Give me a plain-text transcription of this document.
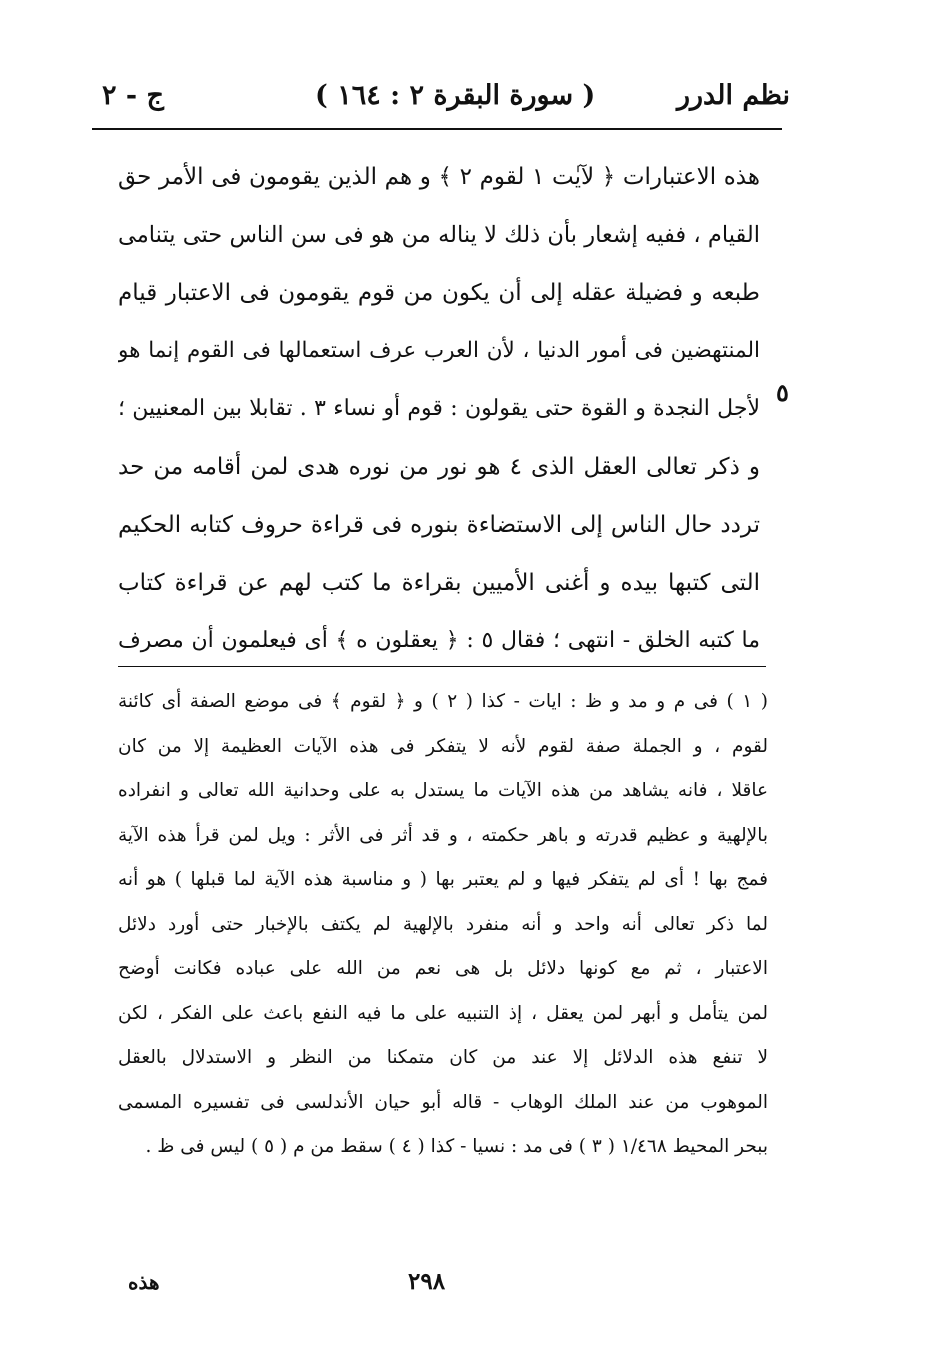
نظم الدرر
( سورة البقرة ٢ : ١٦٤ )
ج - ٢
٥
هذه الاعتبارات ﴿ لآيٰت ١ لقوم ٢ ﴾ و هم الذين يقومون فى الأمر حق
القيام ، ففيه إشعار بأن ذلك لا يناله من هو فى سن الناس حتى يتنامى
طبعه و فضيلة عقله إلى أن يكون من قوم يقومون فى الاعتبار قيام
المنتهضين فى أمور الدنيا ، لأن العرب عرف استعمالها فى القوم إنما هو
لأجل النجدة و القوة حتى يقولون : قوم أو نساء ٣ . تقابلا بين المعنيين ؛
و ذكر تعالى العقل الذى ٤ هو نور من نوره هدى لمن أقامه من حد
تردد حال الناس إلى الاستضاءة بنوره فى قراءة حروف كتابه الحكيم
التى كتبها بيده و أغنى الأميين بقراءة ما كتب لهم عن قراءة كتاب
ما كتبه الخلق - انتهى ؛ فقال ٥ : ﴿ يعقلون ه ﴾ أى فيعلمون أن مصرف
( ١ ) فى م و مد و ظ : ايات - كذا ( ٢ ) و ﴿ لقوم ﴾ فى موضع الصفة أى كائنة
لقوم ، و الجملة صفة لقوم لأنه لا يتفكر فى هذه الآيات العظيمة إلا من كان
عاقلا ، فانه يشاهد من هذه الآيات ما يستدل به على وحدانية الله تعالى و انفراده
بالإلهية و عظيم قدرته و باهر حكمته ، و قد أثر فى الأثر : ويل لمن قرأ هذه الآية
فمج بها ! أى لم يتفكر فيها و لم يعتبر بها ( و مناسبة هذه الآية لما قبلها ) هو أنه
لما ذكر تعالى أنه واحد و أنه منفرد بالإلهية لم يكتف بالإخبار حتى أورد دلائل
الاعتبار ، ثم مع كونها دلائل بل هى نعم من الله على عباده فكانت أوضح
لمن يتأمل و أبهر لمن يعقل ، إذ التنبيه على ما فيه النفع باعث على الفكر ، لكن
لا تنفع هذه الدلائل إلا عند من كان متمكنا من النظر و الاستدلال بالعقل
الموهوب من عند الملك الوهاب - قاله أبو حيان الأندلسى فى تفسيره المسمى
ببحر المحيط ١/٤٦٨ ( ٣ ) فى مد : نسيا - كذا ( ٤ ) سقط من م ( ٥ ) ليس فى ظ .
٢٩٨
هذه
